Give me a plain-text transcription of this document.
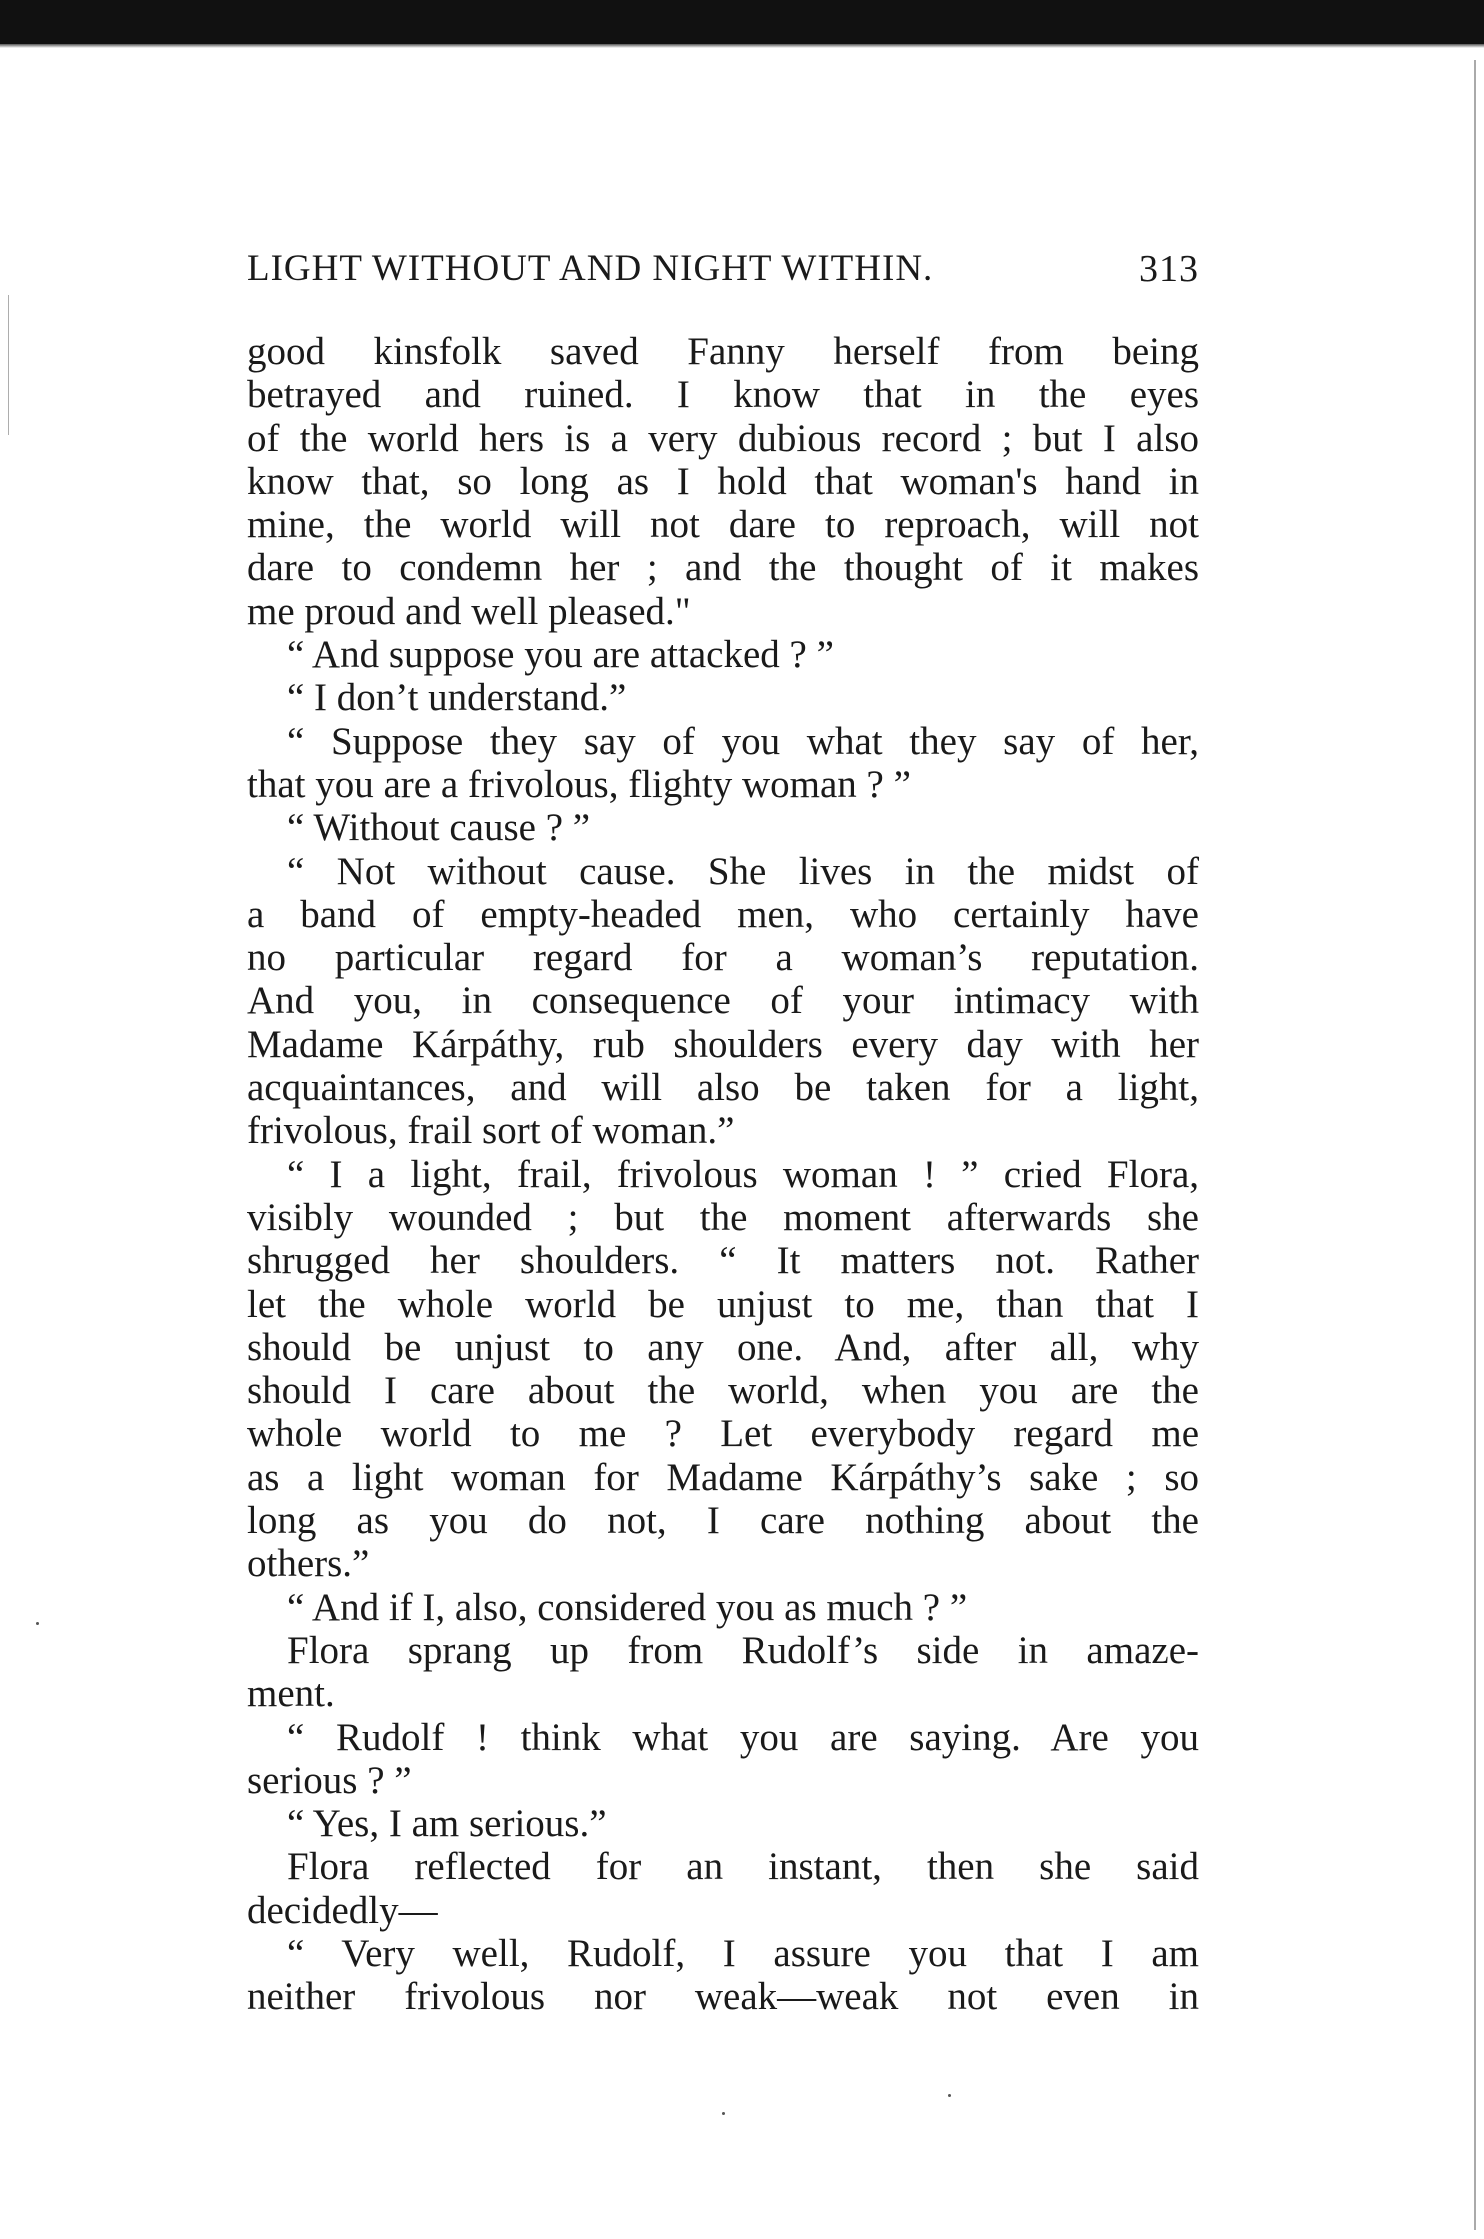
LIGHT WITHOUT AND NIGHT WITHIN.	313
good kinsfolk saved Fanny herself from being
betrayed and ruined. I know that in the eyes
of the world hers is a very dubious record ; but I also
know that, so long as I hold that woman's hand in
mine, the world will not dare to reproach, will not
dare to condemn her ; and the thought of it makes
me proud and well pleased."
“ And suppose you are attacked ? ”
“ I don’t understand.”
“ Suppose they say of you what they say of her,
that you are a frivolous, flighty woman ? ”
“ Without cause ? ”
“ Not without cause. She lives in the midst of
a band of empty-headed men, who certainly have
no particular regard for a woman’s reputation.
And you, in consequence of your intimacy with
Madame Kárpáthy, rub shoulders every day with her
acquaintances, and will also be taken for a light,
frivolous, frail sort of woman.”
“ I a light, frail, frivolous woman ! ” cried Flora,
visibly wounded ; but the moment afterwards she
shrugged her shoulders. “ It matters not. Rather
let the whole world be unjust to me, than that I
should be unjust to any one. And, after all, why
should I care about the world, when you are the
whole world to me ? Let everybody regard me
as a light woman for Madame Kárpáthy’s sake ; so
long as you do not, I care nothing about the
others.”
“ And if I, also, considered you as much ? ”
Flora sprang up from Rudolf’s side in amaze-
ment.
“ Rudolf ! think what you are saying. Are you
serious ? ”
“ Yes, I am serious.”
Flora reflected for an instant, then she said
decidedly—
“ Very well, Rudolf, I assure you that I am
neither frivolous nor weak—weak not even in
